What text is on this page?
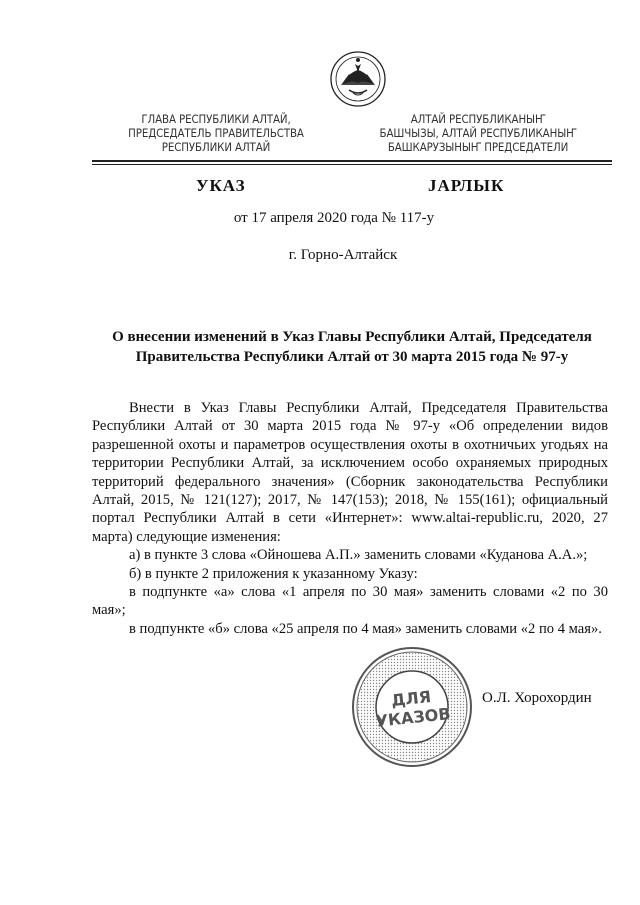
ГЛАВА РЕСПУБЛИКИ АЛТАЙ,
ПРЕДСЕДАТЕЛЬ ПРАВИТЕЛЬСТВА
РЕСПУБЛИКИ АЛТАЙ
АЛТАЙ РЕСПУБЛИКАНЫҤ
БАШЧЫЗЫ, АЛТАЙ РЕСПУБЛИКАНЫҤ
БАШКАРУЗЫНЫҤ ПРЕДСЕДАТЕЛИ
УКАЗ	JАРЛЫК
от 17 апреля 2020 года № 117-у
г. Горно-Алтайск
О внесении изменений в Указ Главы Республики Алтай, Председателя
Правительства Республики Алтай от 30 марта 2015 года № 97-у

Внести в Указ Главы Республики Алтай, Председателя Правительства Республики Алтай от 30 марта 2015 года № 97-у «Об определении видов разрешенной охоты и параметров осуществления охоты в охотничьих угодьях на территории Республики Алтай, за исключением особо охраняемых природных территорий федерального значения» (Сборник законодательства Республики Алтай, 2015, № 121(127); 2017, № 147(153); 2018, № 155(161); официальный портал Республики Алтай в сети «Интернет»: www.altai-republic.ru, 2020, 27 марта) следующие изменения:

а) в пункте 3 слова «Ойношева А.П.» заменить словами «Куданова А.А.»;

б) в пункте 2 приложения к указанному Указу:

в подпункте «а» слова «1 апреля по 30 мая» заменить словами «2 по 30 мая»;

в подпункте «б» слова «25 апреля по 4 мая» заменить словами «2 по 4 мая».

ДЛЯ
УКАЗОВ
О.Л. Хорохордин
